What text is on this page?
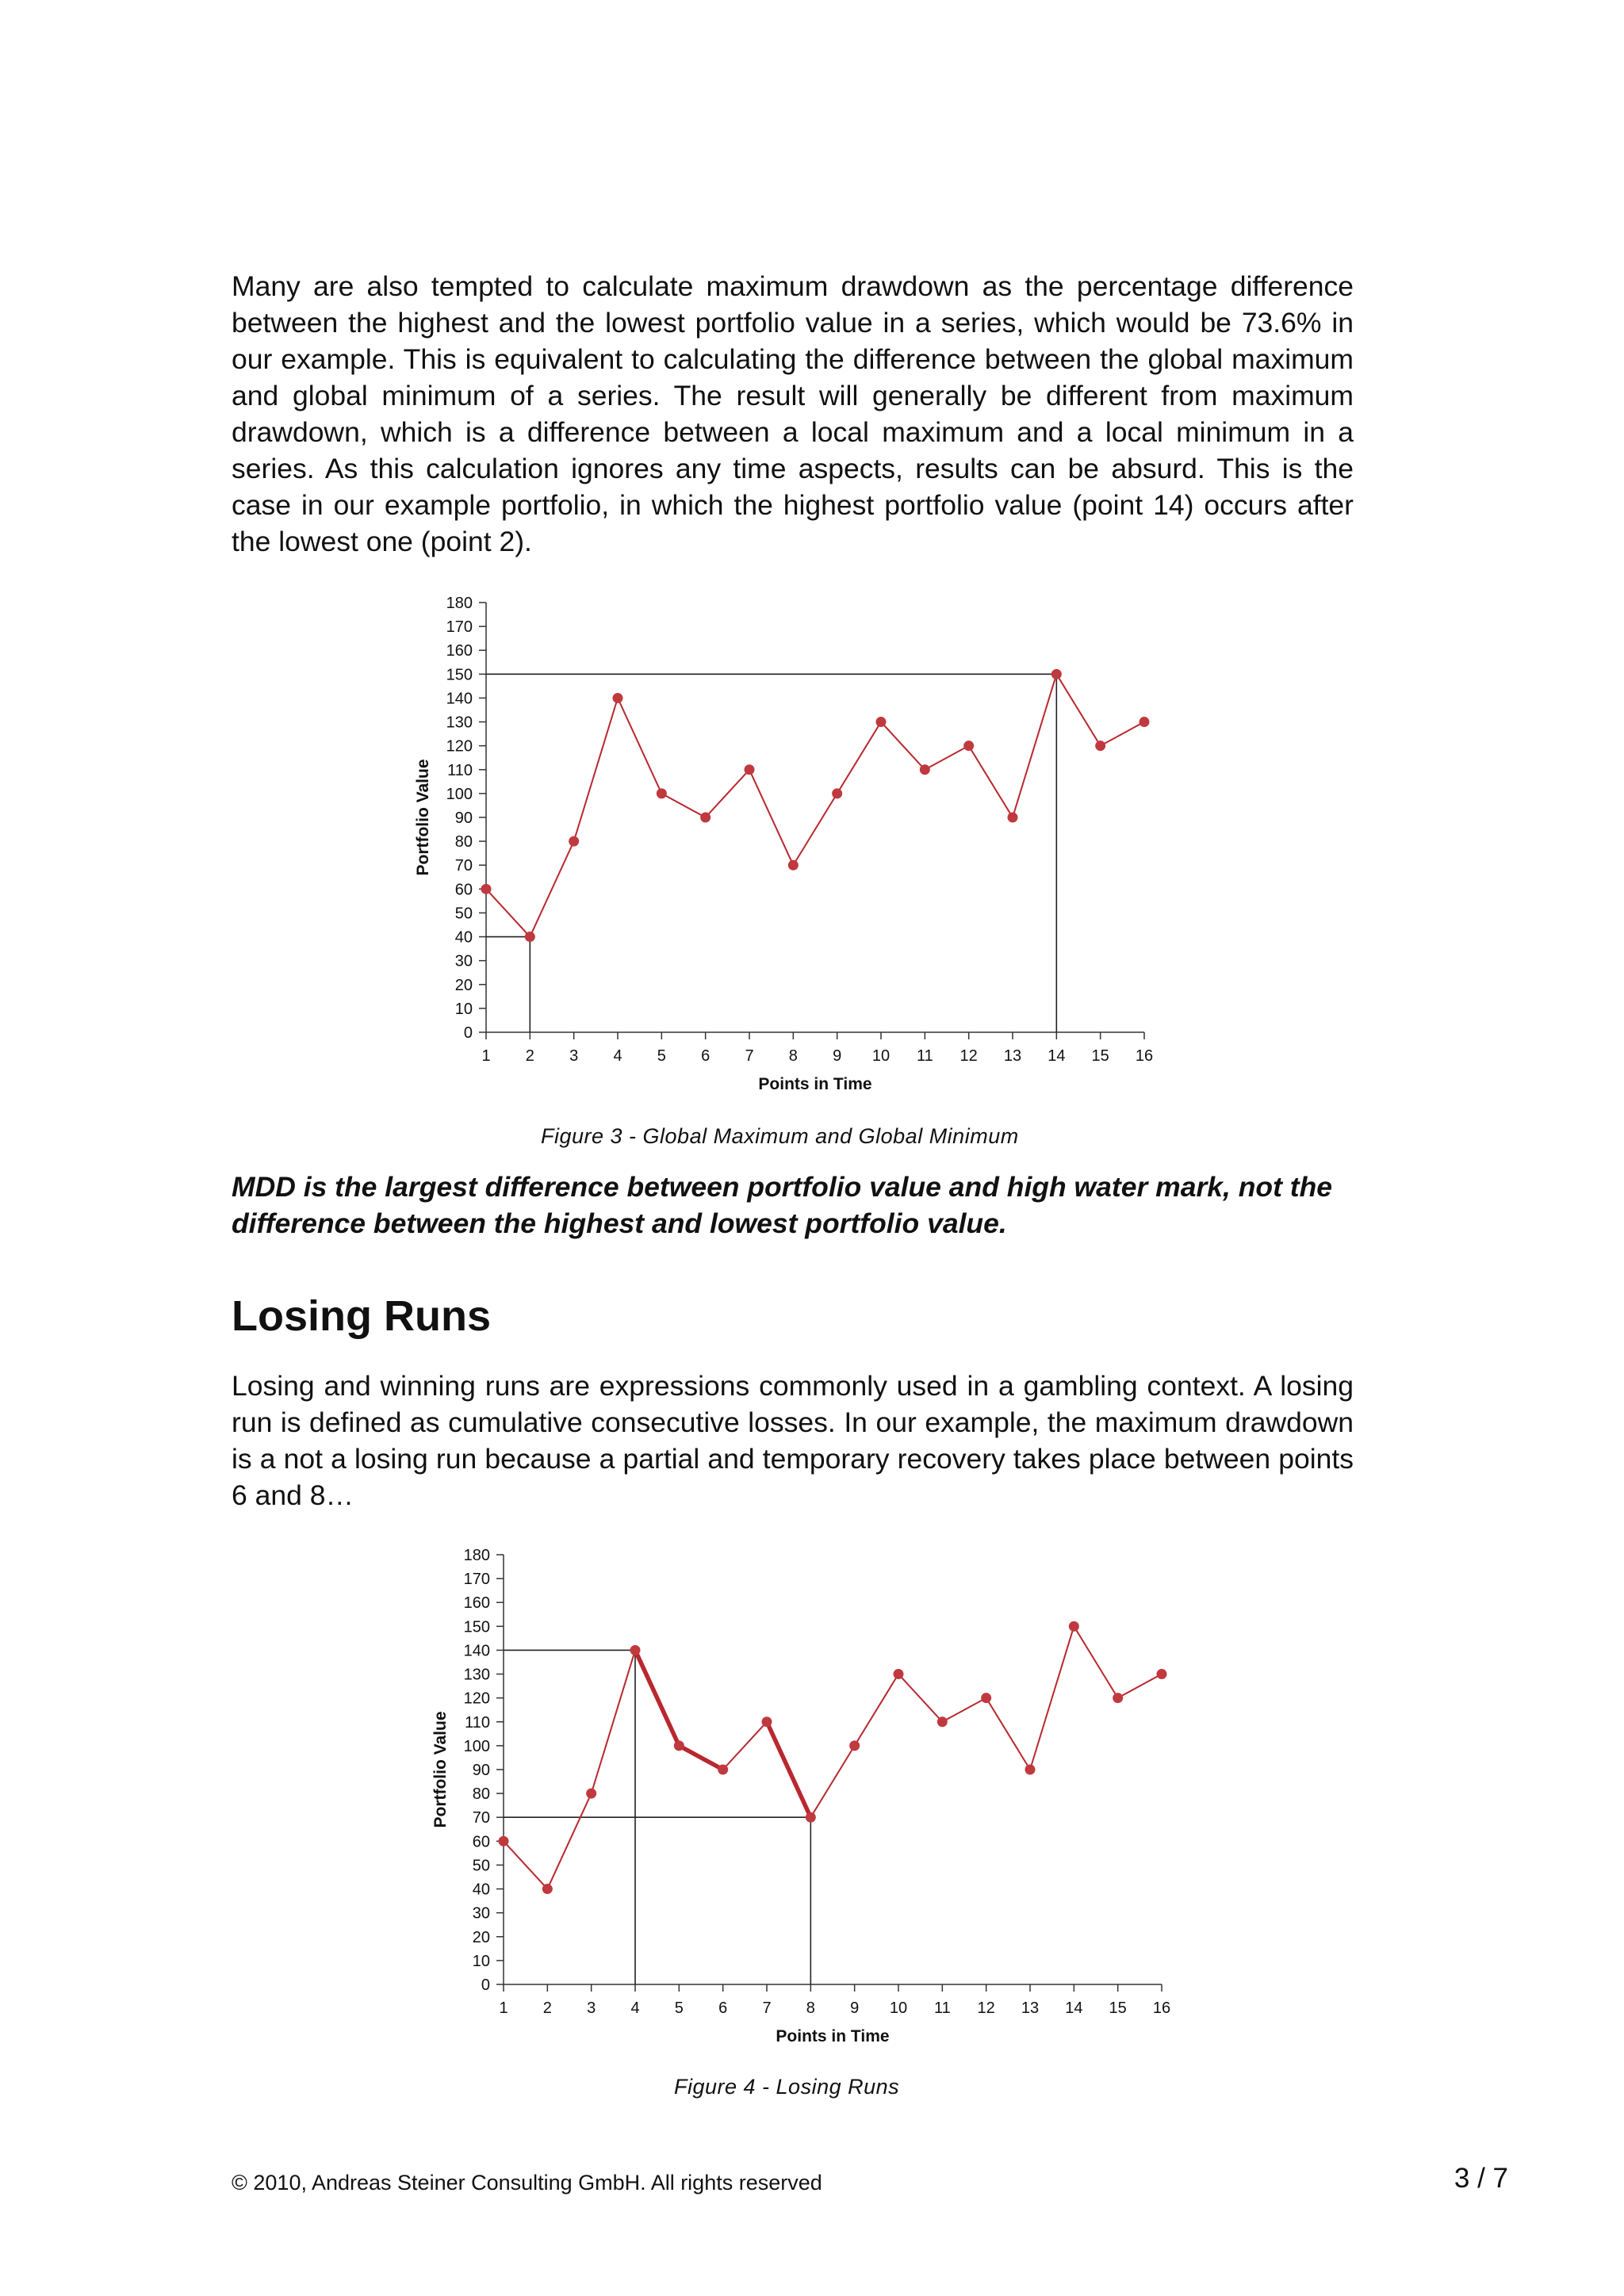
Many are also tempted to calculate maximum drawdown as the percentage difference between the highest and the lowest portfolio value in a series, which would be 73.6% in our example. This is equivalent to calculating the difference between the global maximum and global minimum of a series. The result will generally be different from maximum drawdown, which is a difference between a local maximum and a local minimum in a series. As this calculation ignores any time aspects, results can be absurd. This is the case in our example portfolio, in which the highest portfolio value (point 14) occurs after the lowest one (point 2).

0
10
20
30
40
50
60
70
80
90
100
110
120
130
140
150
160
170
180
1 2 3 4 5 6 7 8 9 10 11 12 13 14 15 16
Points in Time
Portfolio Value

Figure 3 - Global Maximum and Global Minimum

MDD is the largest difference between portfolio value and high water mark, not the difference between the highest and lowest portfolio value.

Losing Runs

Losing and winning runs are expressions commonly used in a gambling context. A losing run is defined as cumulative consecutive losses. In our example, the maximum drawdown is a not a losing run because a partial and temporary recovery takes place between points 6 and 8…

0
10
20
30
40
50
60
70
80
90
100
110
120
130
140
150
160
170
180
1 2 3 4 5 6 7 8 9 10 11 12 13 14 15 16
Points in Time
Portfolio Value

Figure 4 - Losing Runs

© 2010, Andreas Steiner Consulting GmbH. All rights reserved	3 / 7
